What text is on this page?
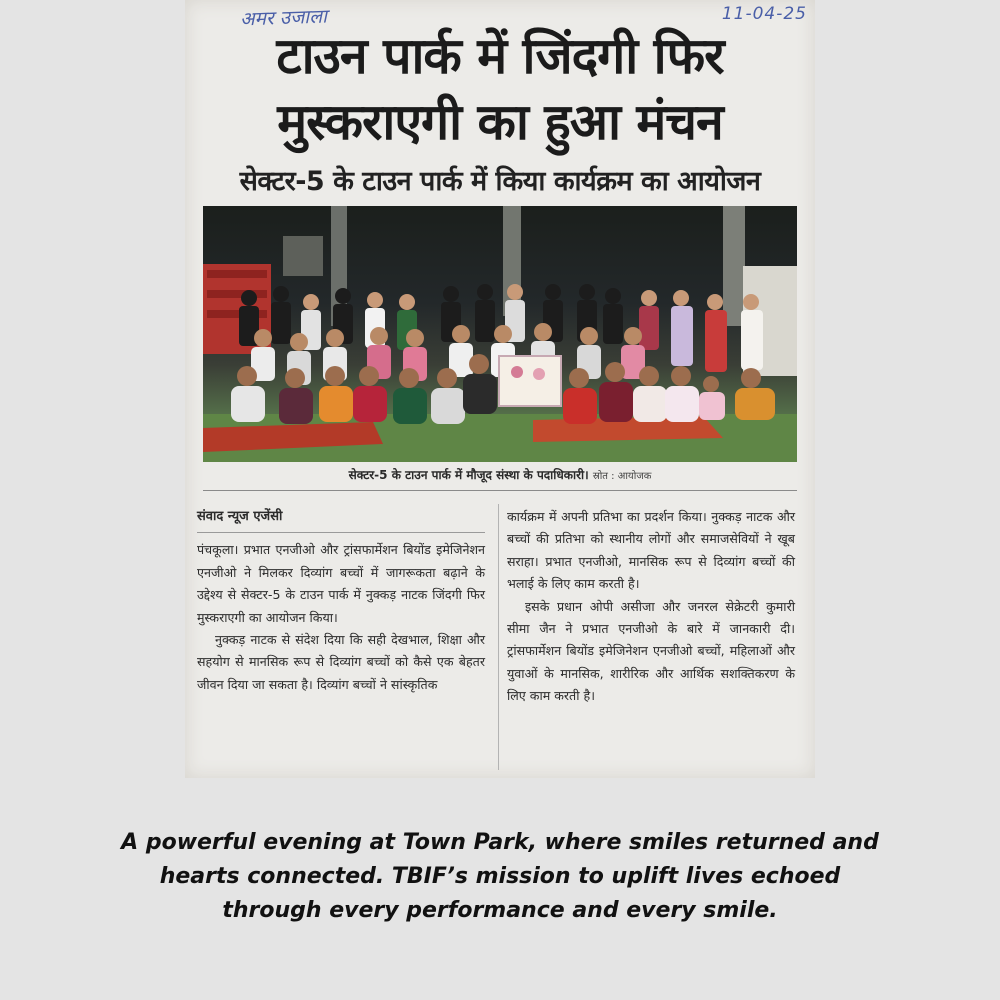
अमर उजाला	11-04-25
टाउन पार्क में जिंदगी फिर
मुस्कराएगी का हुआ मंचन
सेक्टर-5 के टाउन पार्क में किया कार्यक्रम का आयोजन
सेक्टर-5 के टाउन पार्क में मौजूद संस्था के पदाधिकारी। स्रोत : आयोजक
संवाद न्यूज एजेंसी

पंचकूला। प्रभात एनजीओ और ट्रांसफार्मेशन बियोंड इमेजिनेशन एनजीओ ने मिलकर दिव्यांग बच्चों में जागरूकता बढ़ाने के उद्देश्य से सेक्टर-5 के टाउन पार्क में नुक्कड़ नाटक जिंदगी फिर मुस्कराएगी का आयोजन किया।

नुक्कड़ नाटक से संदेश दिया कि सही देखभाल, शिक्षा और सहयोग से मानसिक रूप से दिव्यांग बच्चों को कैसे एक बेहतर जीवन दिया जा सकता है। दिव्यांग बच्चों ने सांस्कृतिक

कार्यक्रम में अपनी प्रतिभा का प्रदर्शन किया। नुक्कड़ नाटक और बच्चों की प्रतिभा को स्थानीय लोगों और समाजसेवियों ने खूब सराहा। प्रभात एनजीओ, मानसिक रूप से दिव्यांग बच्चों की भलाई के लिए काम करती है।

इसके प्रधान ओपी असीजा और जनरल सेक्रेटरी कुमारी सीमा जैन ने प्रभात एनजीओ के बारे में जानकारी दी। ट्रांसफार्मेशन बियोंड इमेजिनेशन एनजीओ बच्चों, महिलाओं और युवाओं के मानसिक, शारीरिक और आर्थिक सशक्तिकरण के लिए काम करती है।

A powerful evening at Town Park, where smiles returned and
hearts connected. TBIF’s mission to uplift lives echoed
through every performance and every smile.
